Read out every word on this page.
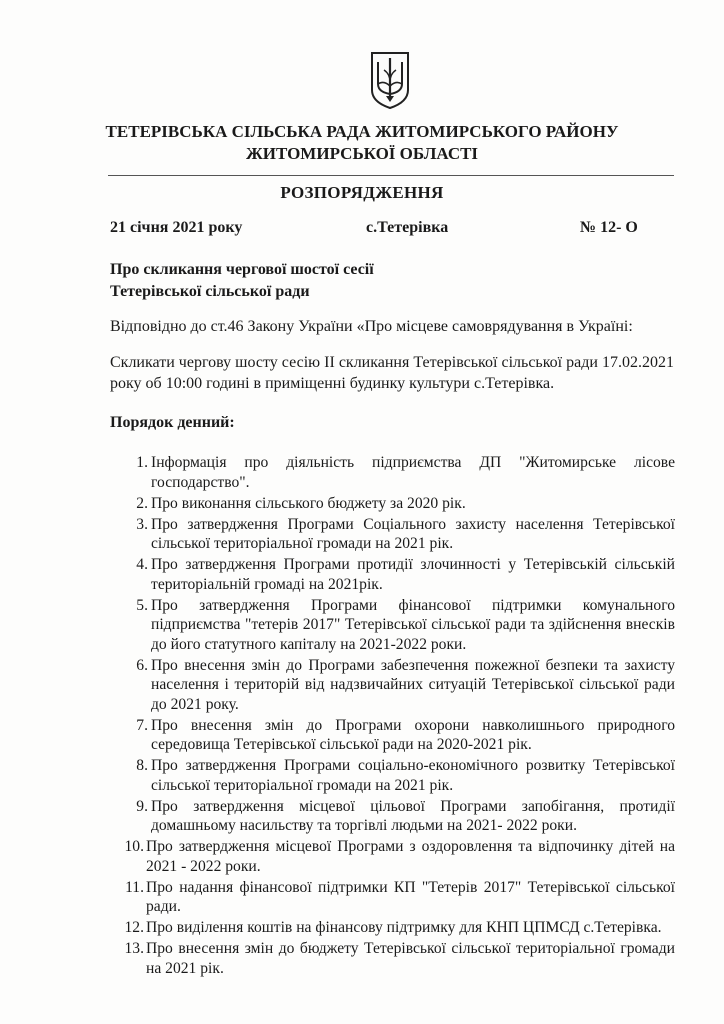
ТЕТЕРІВСЬКА СІЛЬСЬКА РАДА ЖИТОМИРСЬКОГО РАЙОНУ
ЖИТОМИРСЬКОЇ ОБЛАСТІ
РОЗПОРЯДЖЕННЯ
21 січня 2021 року	с.Тетерівка	№ 12- О
Про скликання чергової шостої сесії
Тетерівської сільської ради
Відповідно до ст.46 Закону України «Про місцеве самоврядування в Україні:
Скликати чергову шосту сесію ІІ скликання Тетерівської сільської ради 17.02.2021 року об 10:00 годині в приміщенні будинку культури с.Тетерівка.
Порядок денний:
1. Інформація про діяльність підприємства ДП "Житомирське лісове господарство".
2. Про виконання сільського бюджету за 2020 рік.
3. Про затвердження Програми Соціального захисту населення Тетерівської сільської територіальної громади на 2021 рік.
4. Про затвердження Програми протидії злочинності у Тетерівській сільській територіальній громаді на 2021рік.
5. Про затвердження Програми фінансової підтримки комунального підприємства "тетерів 2017" Тетерівської сільської ради та здійснення внесків до його статутного капіталу на 2021-2022 роки.
6. Про внесення змін до Програми забезпечення пожежної безпеки та захисту населення і територій від надзвичайних ситуацій Тетерівської сільської ради до 2021 року.
7. Про внесення змін до Програми охорони навколишнього природного середовища Тетерівської сільської ради на 2020-2021 рік.
8. Про затвердження Програми соціально-економічного розвитку Тетерівської сільської територіальної громади на 2021 рік.
9. Про затвердження місцевої цільової Програми запобігання, протидії домашньому насильству та торгівлі людьми на 2021- 2022 роки.
10. Про затвердження місцевої Програми з оздоровлення та відпочинку дітей на 2021 - 2022 роки.
11. Про надання фінансової підтримки КП "Тетерів 2017" Тетерівської сільської ради.
12. Про виділення коштів на фінансову підтримку для КНП ЦПМСД с.Тетерівка.
13. Про внесення змін до бюджету Тетерівської сільської територіальної громади на 2021 рік.
